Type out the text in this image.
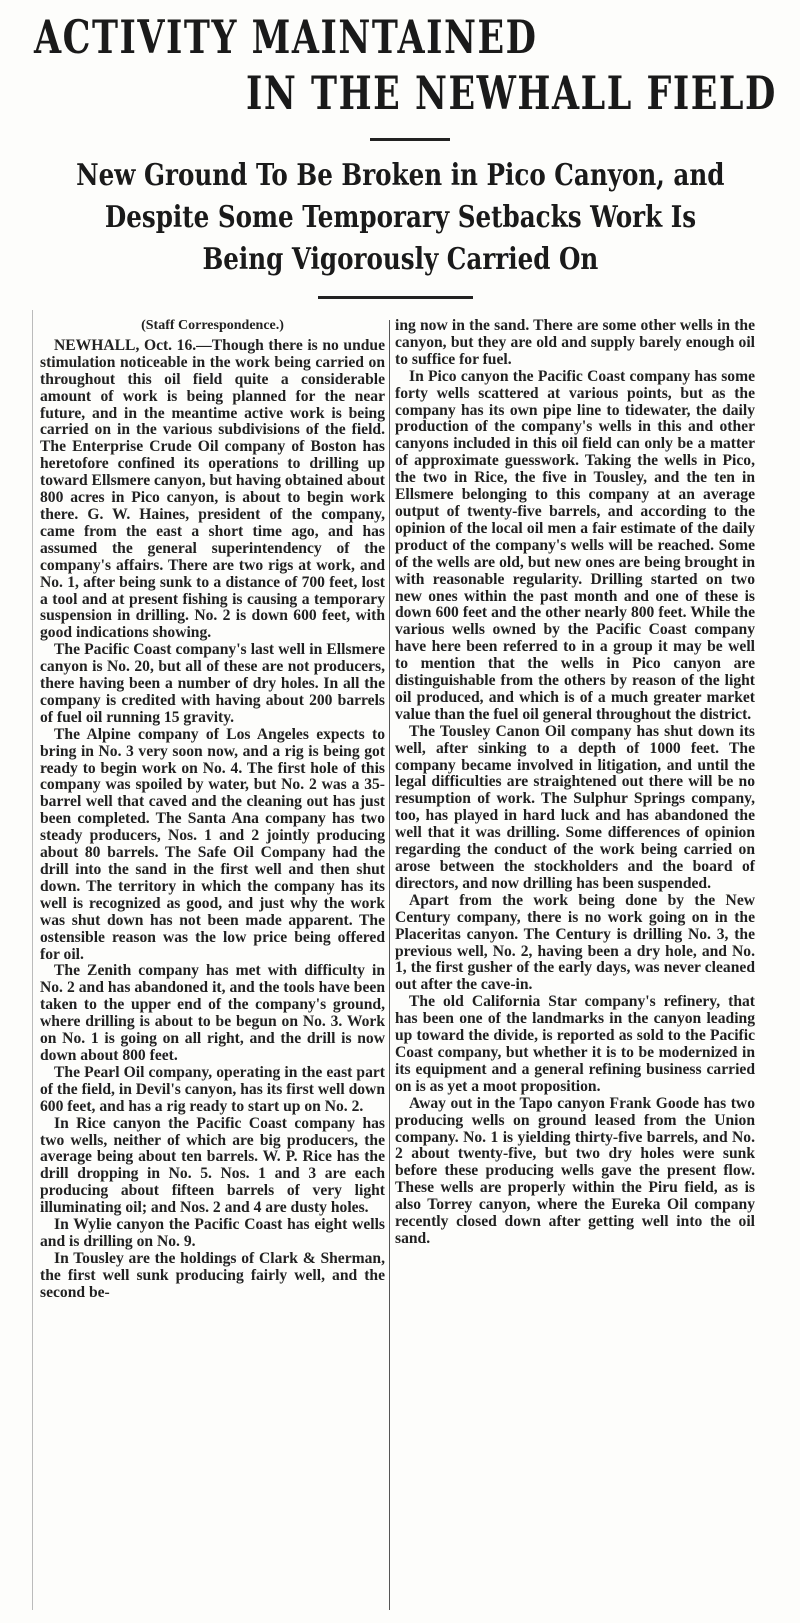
ACTIVITY MAINTAINED
IN THE NEWHALL FIELD
New Ground To Be Broken in Pico Canyon, and
Despite Some Temporary Setbacks Work Is
Being Vigorously Carried On
(Staff Correspondence.)

NEWHALL, Oct. 16.—Though there is no undue stimulation noticeable in the work being carried on throughout this oil field quite a considerable amount of work is being planned for the near future, and in the meantime active work is being carried on in the various subdivisions of the field. The Enterprise Crude Oil company of Boston has heretofore confined its operations to drilling up toward Ellsmere canyon, but having obtained about 800 acres in Pico canyon, is about to begin work there. G. W. Haines, president of the company, came from the east a short time ago, and has assumed the general superintendency of the company's affairs. There are two rigs at work, and No. 1, after being sunk to a distance of 700 feet, lost a tool and at present fishing is causing a temporary suspension in drilling. No. 2 is down 600 feet, with good indications showing.

The Pacific Coast company's last well in Ellsmere canyon is No. 20, but all of these are not producers, there having been a number of dry holes. In all the company is credited with having about 200 barrels of fuel oil running 15 gravity.

The Alpine company of Los Angeles expects to bring in No. 3 very soon now, and a rig is being got ready to begin work on No. 4. The first hole of this company was spoiled by water, but No. 2 was a 35-barrel well that caved and the cleaning out has just been completed. The Santa Ana company has two steady producers, Nos. 1 and 2 jointly producing about 80 barrels. The Safe Oil Company had the drill into the sand in the first well and then shut down. The territory in which the company has its well is recognized as good, and just why the work was shut down has not been made apparent. The ostensible reason was the low price being offered for oil.

The Zenith company has met with difficulty in No. 2 and has abandoned it, and the tools have been taken to the upper end of the company's ground, where drilling is about to be begun on No. 3. Work on No. 1 is going on all right, and the drill is now down about 800 feet.

The Pearl Oil company, operating in the east part of the field, in Devil's canyon, has its first well down 600 feet, and has a rig ready to start up on No. 2.

In Rice canyon the Pacific Coast company has two wells, neither of which are big producers, the average being about ten barrels. W. P. Rice has the drill dropping in No. 5. Nos. 1 and 3 are each producing about fifteen barrels of very light illuminating oil; and Nos. 2 and 4 are dusty holes.

In Wylie canyon the Pacific Coast has eight wells and is drilling on No. 9.

In Tousley are the holdings of Clark & Sherman, the first well sunk producing fairly well, and the second be-

ing now in the sand. There are some other wells in the canyon, but they are old and supply barely enough oil to suffice for fuel.

In Pico canyon the Pacific Coast company has some forty wells scattered at various points, but as the company has its own pipe line to tidewater, the daily production of the company's wells in this and other canyons included in this oil field can only be a matter of approximate guesswork. Taking the wells in Pico, the two in Rice, the five in Tousley, and the ten in Ellsmere belonging to this company at an average output of twenty-five barrels, and according to the opinion of the local oil men a fair estimate of the daily product of the company's wells will be reached. Some of the wells are old, but new ones are being brought in with reasonable regularity. Drilling started on two new ones within the past month and one of these is down 600 feet and the other nearly 800 feet. While the various wells owned by the Pacific Coast company have here been referred to in a group it may be well to mention that the wells in Pico canyon are distinguishable from the others by reason of the light oil produced, and which is of a much greater market value than the fuel oil general throughout the district.

The Tousley Canon Oil company has shut down its well, after sinking to a depth of 1000 feet. The company became involved in litigation, and until the legal difficulties are straightened out there will be no resumption of work. The Sulphur Springs company, too, has played in hard luck and has abandoned the well that it was drilling. Some differences of opinion regarding the conduct of the work being carried on arose between the stockholders and the board of directors, and now drilling has been suspended.

Apart from the work being done by the New Century company, there is no work going on in the Placeritas canyon. The Century is drilling No. 3, the previous well, No. 2, having been a dry hole, and No. 1, the first gusher of the early days, was never cleaned out after the cave-in.

The old California Star company's refinery, that has been one of the landmarks in the canyon leading up toward the divide, is reported as sold to the Pacific Coast company, but whether it is to be modernized in its equipment and a general refining business carried on is as yet a moot proposition.

Away out in the Tapo canyon Frank Goode has two producing wells on ground leased from the Union company. No. 1 is yielding thirty-five barrels, and No. 2 about twenty-five, but two dry holes were sunk before these producing wells gave the present flow. These wells are properly within the Piru field, as is also Torrey canyon, where the Eureka Oil company recently closed down after getting well into the oil sand.
